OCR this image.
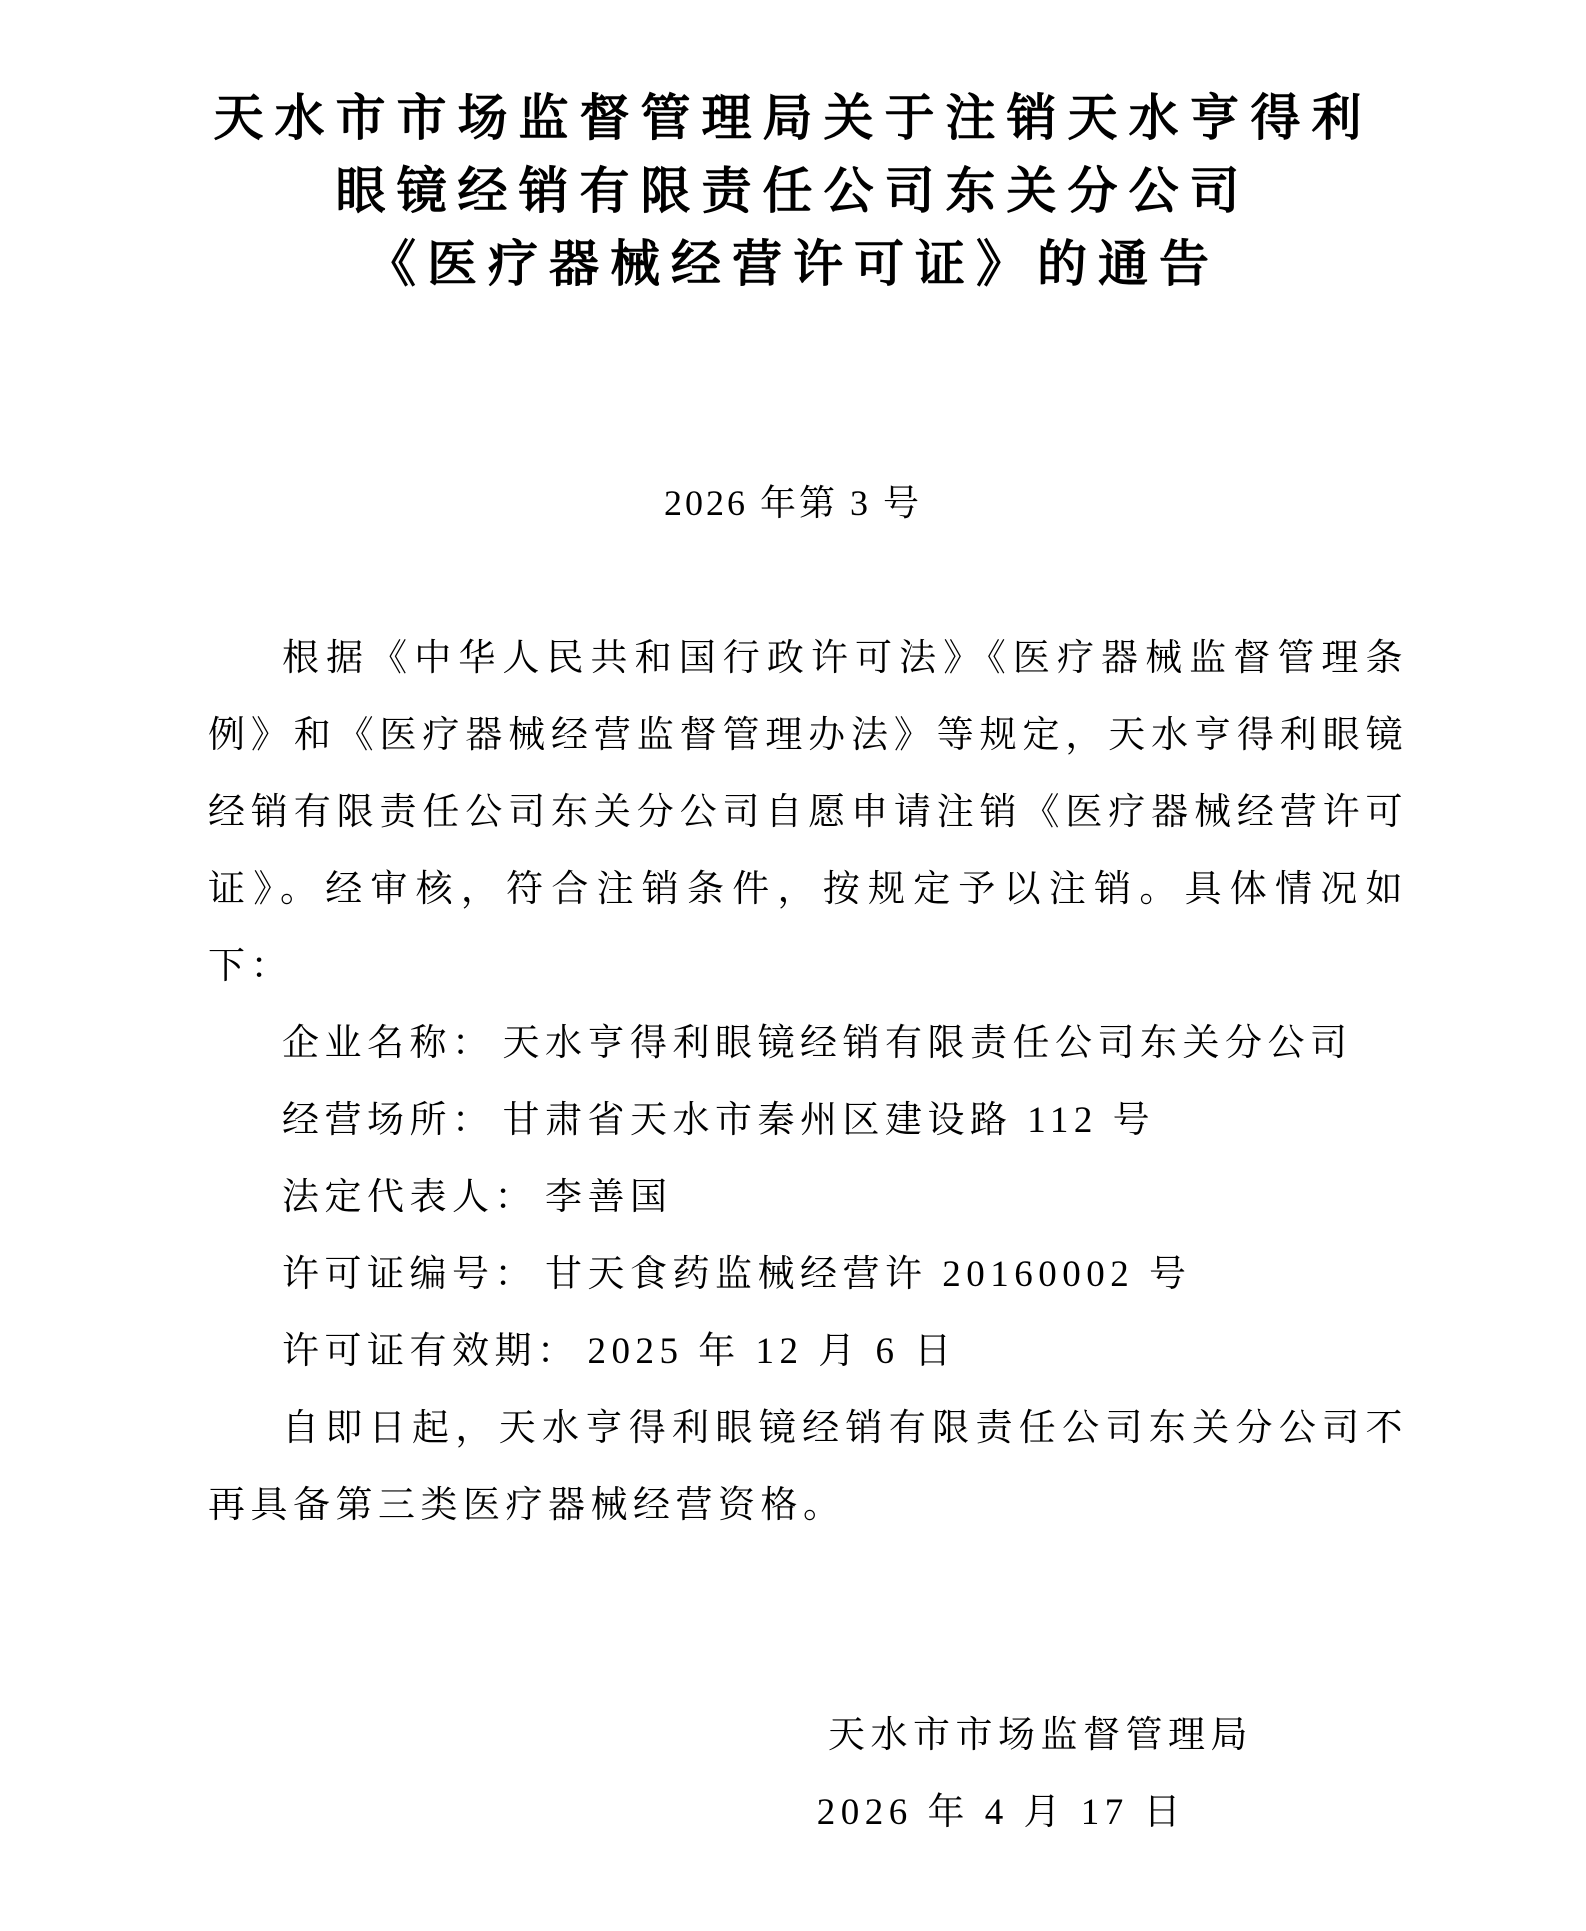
天水市市场监督管理局关于注销天水亨得利
眼镜经销有限责任公司东关分公司
《医疗器械经营许可证》的通告
2026 年第 3 号

根据《中华人民共和国行政许可法》《医疗器械监督管理条例》和《医疗器械经营监督管理办法》等规定，天水亨得利眼镜经销有限责任公司东关分公司自愿申请注销《医疗器械经营许可证》。经审核，符合注销条件，按规定予以注销。具体情况如下：

企业名称： 天水亨得利眼镜经销有限责任公司东关分公司

经营场所： 甘肃省天水市秦州区建设路 112 号

法定代表人： 李善国

许可证编号： 甘天食药监械经营许 20160002 号

许可证有效期： 2025 年 12 月 6 日

自即日起，天水亨得利眼镜经销有限责任公司东关分公司不再具备第三类医疗器械经营资格。

天水市市场监督管理局

2026 年 4 月 17 日
